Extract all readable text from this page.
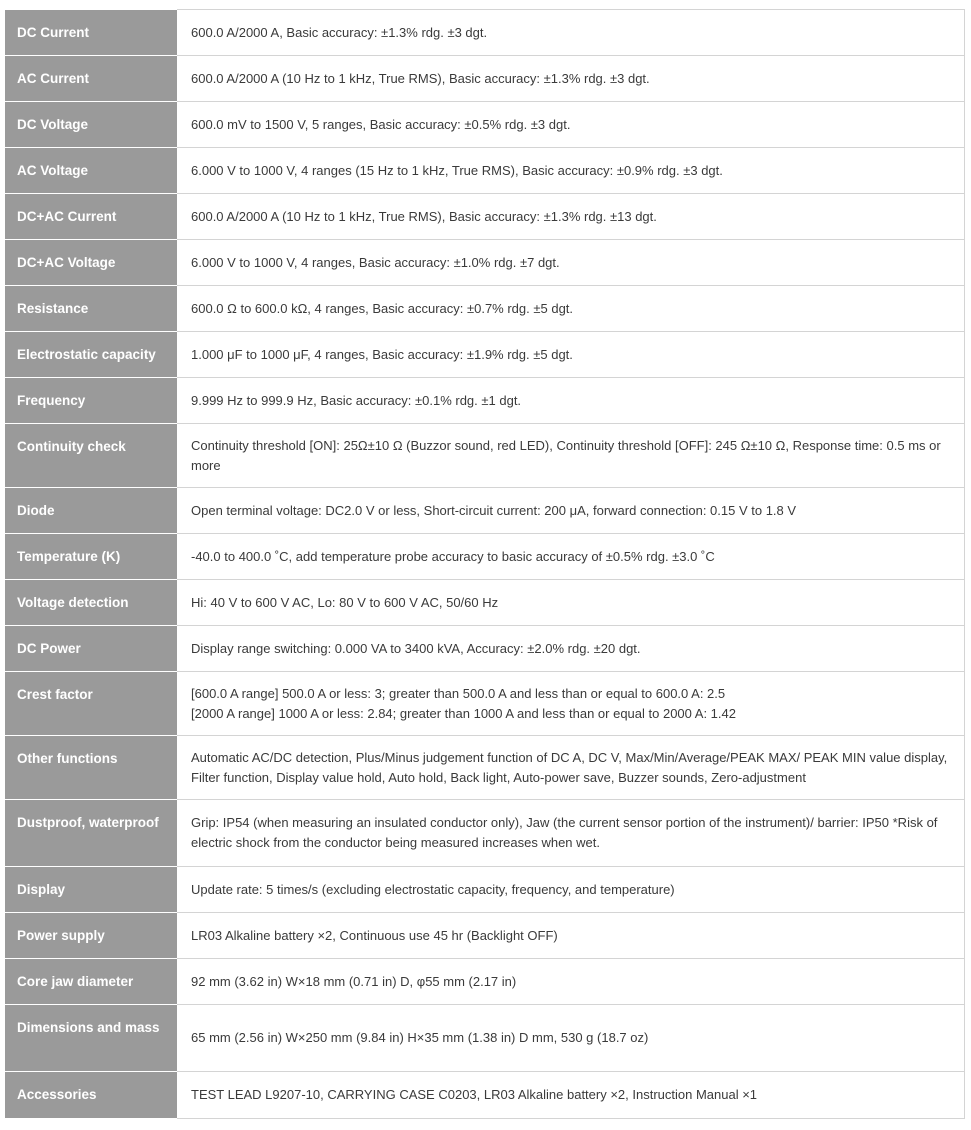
DC Current	600.0 A/2000 A, Basic accuracy: ±1.3% rdg. ±3 dgt.

AC Current	600.0 A/2000 A (10 Hz to 1 kHz, True RMS), Basic accuracy: ±1.3% rdg. ±3 dgt.

DC Voltage	600.0 mV to 1500 V, 5 ranges, Basic accuracy: ±0.5% rdg. ±3 dgt.

AC Voltage	6.000 V to 1000 V, 4 ranges (15 Hz to 1 kHz, True RMS), Basic accuracy: ±0.9% rdg. ±3 dgt.

DC+AC Current	600.0 A/2000 A (10 Hz to 1 kHz, True RMS), Basic accuracy: ±1.3% rdg. ±13 dgt.

DC+AC Voltage	6.000 V to 1000 V, 4 ranges, Basic accuracy: ±1.0% rdg. ±7 dgt.

Resistance	600.0 Ω to 600.0 kΩ, 4 ranges, Basic accuracy: ±0.7% rdg. ±5 dgt.

Electrostatic capacity	1.000 μF to 1000 μF, 4 ranges, Basic accuracy: ±1.9% rdg. ±5 dgt.

Frequency	9.999 Hz to 999.9 Hz, Basic accuracy: ±0.1% rdg. ±1 dgt.

Continuity check	Continuity threshold [ON]: 25Ω±10 Ω (Buzzor sound, red LED), Continuity threshold [OFF]: 245 Ω±10 Ω, Response time: 0.5 ms or more

Diode	Open terminal voltage: DC2.0 V or less, Short-circuit current: 200 μA, forward connection: 0.15 V to 1.8 V

Temperature (K)	-40.0 to 400.0 ˚C, add temperature probe accuracy to basic accuracy of ±0.5% rdg. ±3.0 ˚C

Voltage detection	Hi: 40 V to 600 V AC, Lo: 80 V to 600 V AC, 50/60 Hz

DC Power	Display range switching: 0.000 VA to 3400 kVA, Accuracy: ±2.0% rdg. ±20 dgt.

Crest factor	[600.0 A range] 500.0 A or less: 3; greater than 500.0 A and less than or equal to 600.0 A: 2.5
[2000 A range] 1000 A or less: 2.84; greater than 1000 A and less than or equal to 2000 A: 1.42

Other functions	Automatic AC/DC detection, Plus/Minus judgement function of DC A, DC V, Max/Min/Average/PEAK MAX/ PEAK MIN value display, Filter function, Display value hold, Auto hold, Back light, Auto-power save, Buzzer sounds, Zero-adjustment

Dustproof, waterproof	Grip: IP54 (when measuring an insulated conductor only), Jaw (the current sensor portion of the instrument)/ barrier: IP50 *Risk of electric shock from the conductor being measured increases when wet.

Display	Update rate: 5 times/s (excluding electrostatic capacity, frequency, and temperature)

Power supply	LR03 Alkaline battery ×2, Continuous use 45 hr (Backlight OFF)

Core jaw diameter	92 mm (3.62 in) W×18 mm (0.71 in) D, φ55 mm (2.17 in)

Dimensions and mass	65 mm (2.56 in) W×250 mm (9.84 in) H×35 mm (1.38 in) D mm, 530 g (18.7 oz)

Accessories	TEST LEAD L9207-10, CARRYING CASE C0203, LR03 Alkaline battery ×2, Instruction Manual ×1
